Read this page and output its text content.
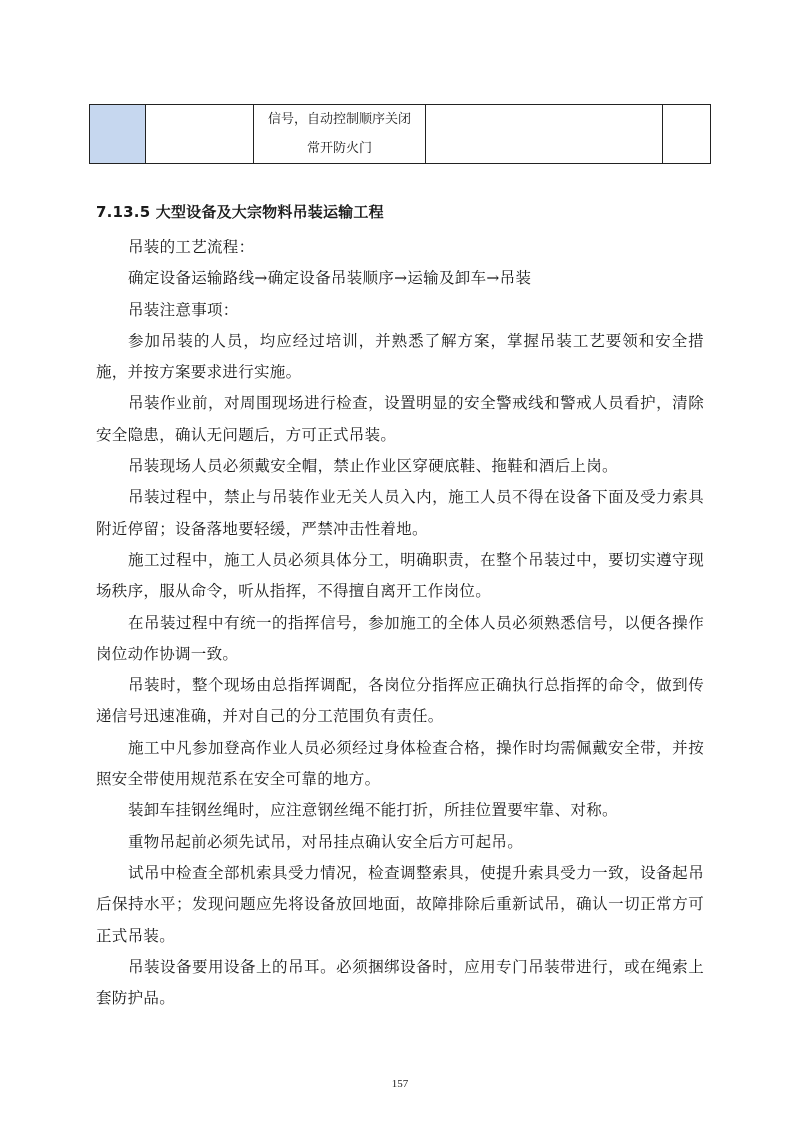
信号，自动控制顺序关闭
常开防火门

7.13.5 大型设备及大宗物料吊装运输工程

吊装的工艺流程：

确定设备运输路线→确定设备吊装顺序→运输及卸车→吊装

吊装注意事项：

参加吊装的人员，均应经过培训，并熟悉了解方案，掌握吊装工艺要领和安全措施，并按方案要求进行实施。

吊装作业前，对周围现场进行检查，设置明显的安全警戒线和警戒人员看护，清除安全隐患，确认无问题后，方可正式吊装。

吊装现场人员必须戴安全帽，禁止作业区穿硬底鞋、拖鞋和酒后上岗。

吊装过程中，禁止与吊装作业无关人员入内，施工人员不得在设备下面及受力索具附近停留；设备落地要轻缓，严禁冲击性着地。

施工过程中，施工人员必须具体分工，明确职责，在整个吊装过中，要切实遵守现场秩序，服从命令，听从指挥，不得擅自离开工作岗位。

在吊装过程中有统一的指挥信号，参加施工的全体人员必须熟悉信号，以便各操作岗位动作协调一致。

吊装时，整个现场由总指挥调配，各岗位分指挥应正确执行总指挥的命令，做到传递信号迅速准确，并对自己的分工范围负有责任。

施工中凡参加登高作业人员必须经过身体检查合格，操作时均需佩戴安全带，并按照安全带使用规范系在安全可靠的地方。

装卸车挂钢丝绳时，应注意钢丝绳不能打折，所挂位置要牢靠、对称。

重物吊起前必须先试吊，对吊挂点确认安全后方可起吊。

试吊中检查全部机索具受力情况，检查调整索具，使提升索具受力一致，设备起吊后保持水平；发现问题应先将设备放回地面，故障排除后重新试吊，确认一切正常方可正式吊装。

吊装设备要用设备上的吊耳。必须捆绑设备时，应用专门吊装带进行，或在绳索上套防护品。

157
